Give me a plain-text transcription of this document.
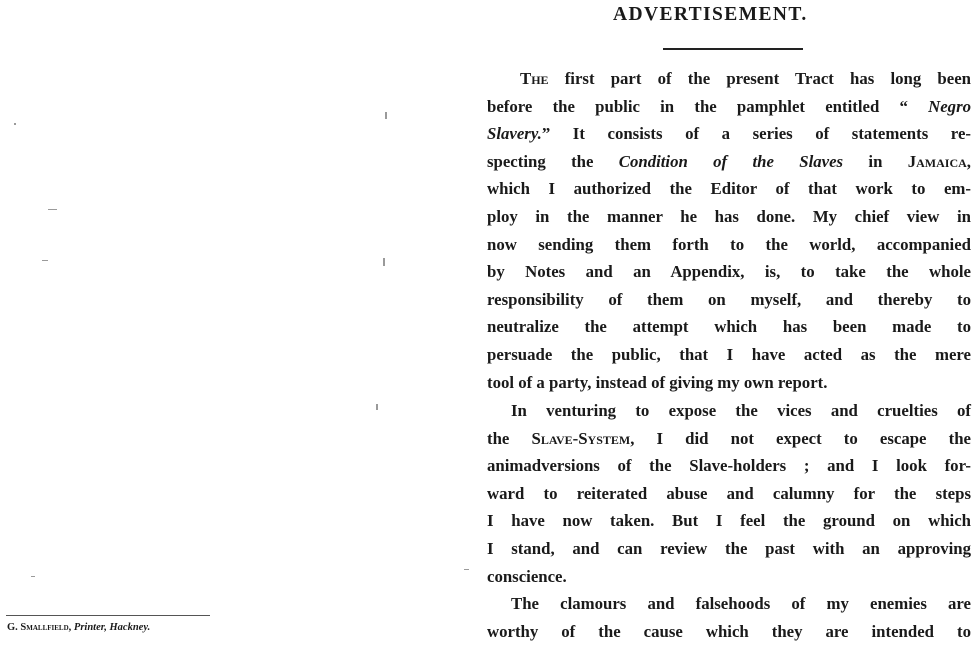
G. Smallfield, Printer, Hackney.
ADVERTISEMENT.
The first part of the present Tract has long been
before the public in the pamphlet entitled “ Negro
Slavery.” It consists of a series of statements re-
specting the Condition of the Slaves in Jamaica,
which I authorized the Editor of that work to em-
ploy in the manner he has done. My chief view in
now sending them forth to the world, accompanied
by Notes and an Appendix, is, to take the whole
responsibility of them on myself, and thereby to
neutralize the attempt which has been made to
persuade the public, that I have acted as the mere
tool of a party, instead of giving my own report.
In venturing to expose the vices and cruelties of
the Slave-System, I did not expect to escape the
animadversions of the Slave-holders ; and I look for-
ward to reiterated abuse and calumny for the steps
I have now taken. But I feel the ground on which
I stand, and can review the past with an approving
conscience.
The clamours and falsehoods of my enemies are
worthy of the cause which they are intended to
